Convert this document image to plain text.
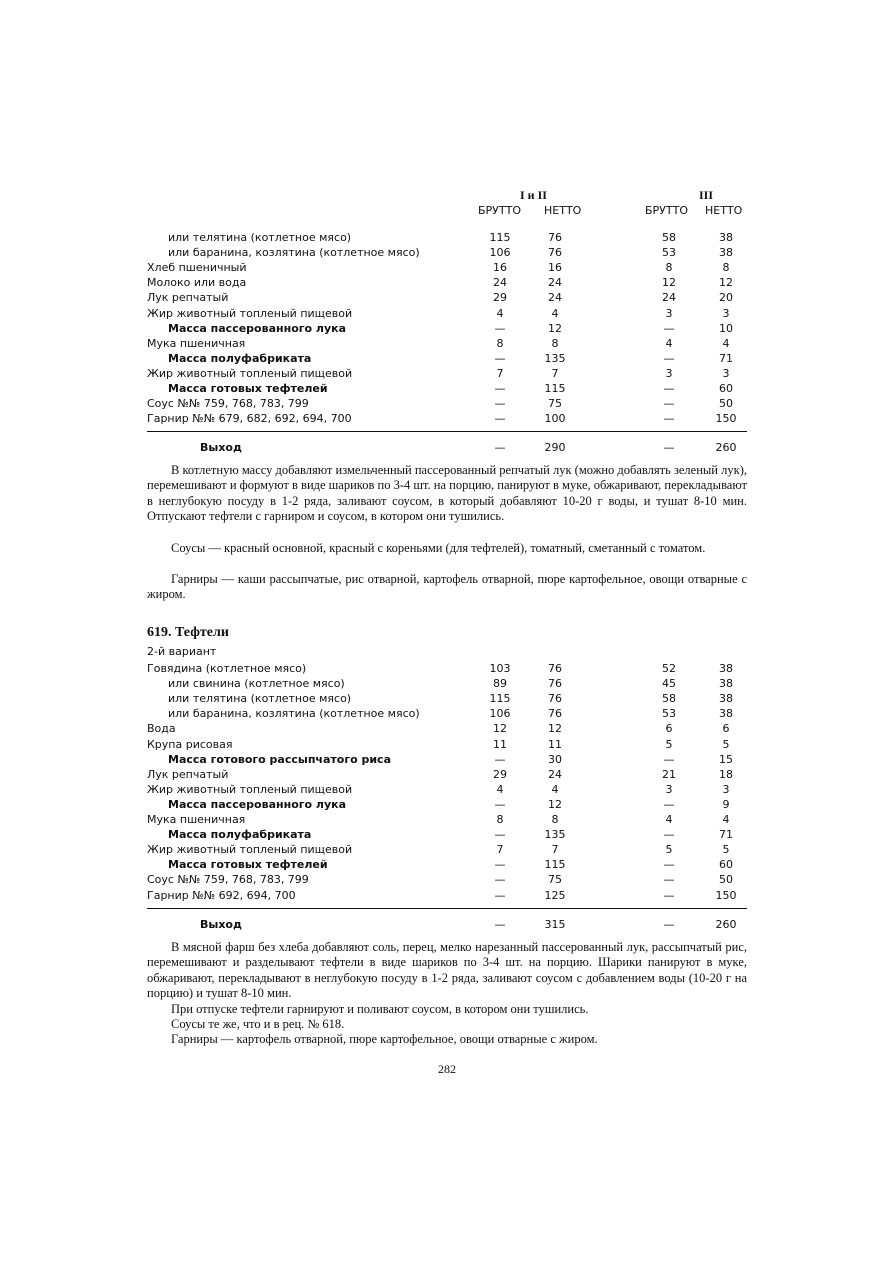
I и II	III
БРУТТО НЕТТО	БРУТТО НЕТТО
или телятина (котлетное мясо)	115	76	58	38
или баранина, козлятина (котлетное мясо)	106	76	53	38
Хлеб пшеничный	16	16	8	8
Молоко или вода	24	24	12	12
Лук репчатый	29	24	24	20
Жир животный топленый пищевой	4	4	3	3
Масса пассерованного лука	—	12	—	10
Мука пшеничная	8	8	4	4
Масса полуфабриката	—	135	—	71
Жир животный топленый пищевой	7	7	3	3
Масса готовых тефтелей	—	115	—	60
Соус №№ 759, 768, 783, 799	—	75	—	50
Гарнир №№ 679, 682, 692, 694, 700	—	100	—	150
Выход	—	290	—	260

В котлетную массу добавляют измельченный пассерованный репчатый лук (можно добавлять зеленый лук), перемешивают и формуют в виде шариков по 3-4 шт. на порцию, панируют в муке, обжаривают, перекладывают в неглубокую посуду в 1-2 ряда, заливают соусом, в который добавляют 10-20 г воды, и тушат 8-10 мин. Отпускают тефтели с гарниром и соусом, в котором они тушились.

Соусы — красный основной, красный с кореньями (для тефтелей), томатный, сметанный с томатом.

Гарниры — каши рассыпчатые, рис отварной, картофель отварной, пюре картофельное, овощи отварные с жиром.

619. Тефтели
2-й вариант
Говядина (котлетное мясо)	103	76	52	38
или свинина (котлетное мясо)	89	76	45	38
или телятина (котлетное мясо)	115	76	58	38
или баранина, козлятина (котлетное мясо)	106	76	53	38
Вода	12	12	6	6
Крупа рисовая	11	11	5	5
Масса готового рассыпчатого риса	—	30	—	15
Лук репчатый	29	24	21	18
Жир животный топленый пищевой	4	4	3	3
Масса пассерованного лука	—	12	—	9
Мука пшеничная	8	8	4	4
Масса полуфабриката	—	135	—	71
Жир животный топленый пищевой	7	7	5	5
Масса готовых тефтелей	—	115	—	60
Соус №№ 759, 768, 783, 799	—	75	—	50
Гарнир №№ 692, 694, 700	—	125	—	150
Выход	—	315	—	260

В мясной фарш без хлеба добавляют соль, перец, мелко нарезанный пассерованный лук, рассыпчатый рис, перемешивают и разделывают тефтели в виде шариков по 3-4 шт. на порцию. Шарики панируют в муке, обжаривают, перекладывают в неглубокую посуду в 1-2 ряда, заливают соусом с добавлением воды (10-20 г на порцию) и тушат 8-10 мин.

При отпуске тефтели гарнируют и поливают соусом, в котором они тушились.

Соусы те же, что и в рец. № 618.

Гарниры — картофель отварной, пюре картофельное, овощи отварные с жиром.

282
